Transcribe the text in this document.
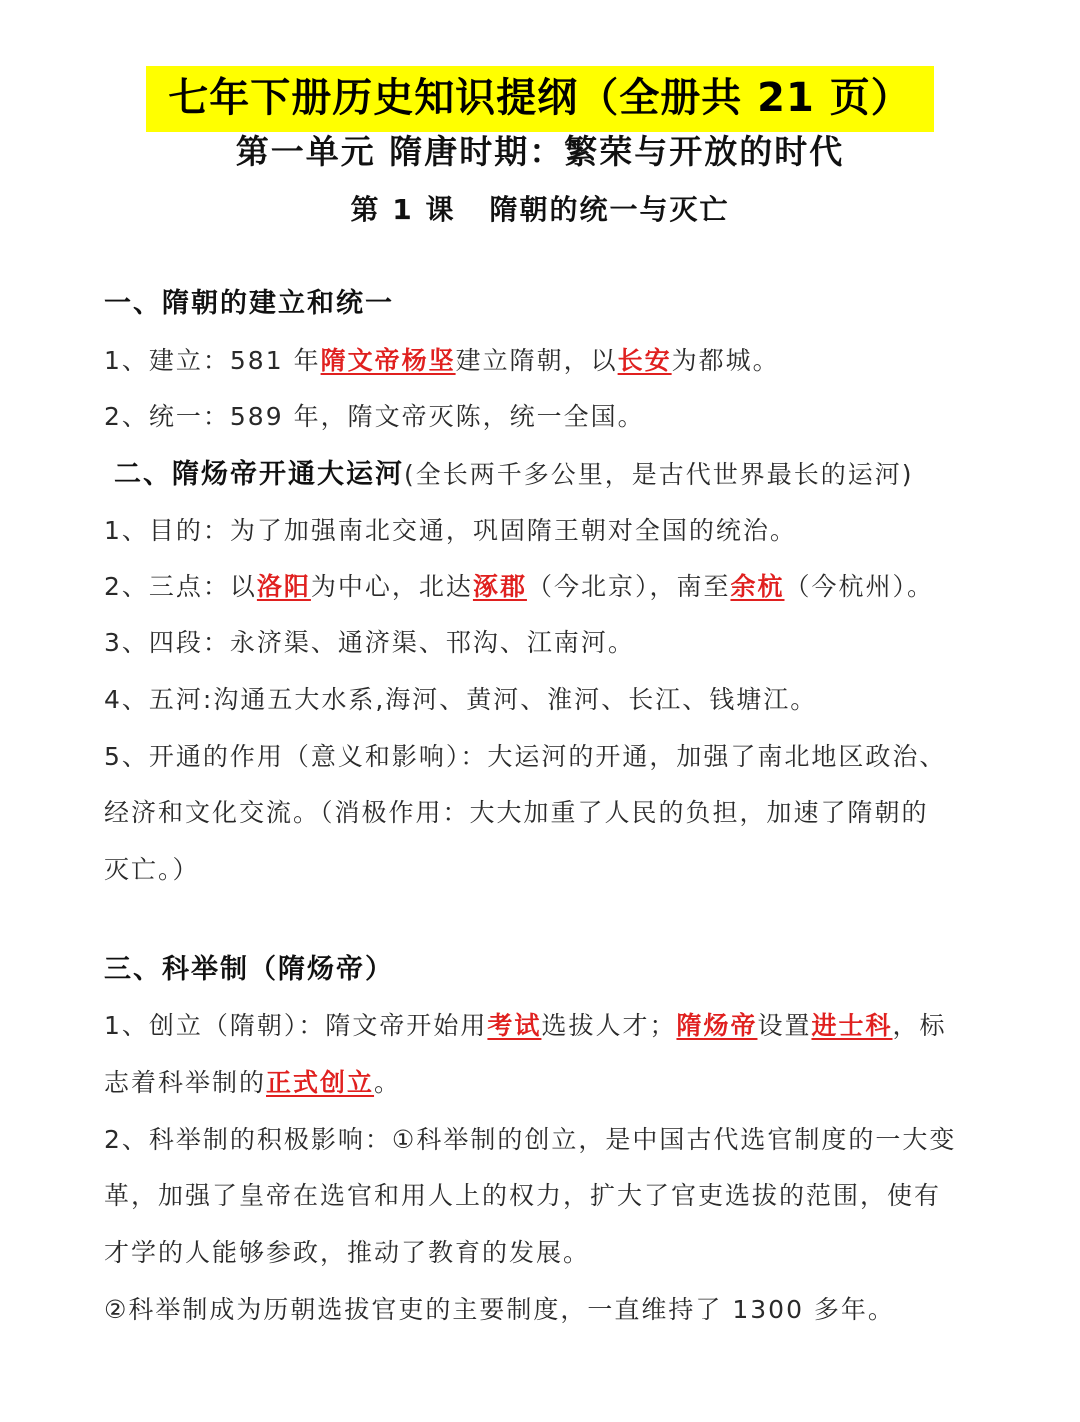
七年下册历史知识提纲（全册共 21 页）
第一单元 隋唐时期：繁荣与开放的时代
第 1 课 隋朝的统一与灭亡
一、隋朝的建立和统一
1、建立：581 年隋文帝杨坚建立隋朝，以长安为都城。
2、统一：589 年，隋文帝灭陈，统一全国。
二、隋炀帝开通大运河(全长两千多公里，是古代世界最长的运河)
1、目的：为了加强南北交通，巩固隋王朝对全国的统治。
2、三点：以洛阳为中心，北达涿郡（今北京），南至余杭（今杭州）。
3、四段：永济渠、通济渠、邗沟、江南河。
4、五河:沟通五大水系,海河、黄河、淮河、长江、钱塘江。
5、开通的作用（意义和影响）：大运河的开通，加强了南北地区政治、
经济和文化交流。（消极作用：大大加重了人民的负担，加速了隋朝的
灭亡。）
三、科举制（隋炀帝）
1、创立（隋朝）：隋文帝开始用考试选拔人才；隋炀帝设置进士科，标
志着科举制的正式创立。
2、科举制的积极影响：①科举制的创立，是中国古代选官制度的一大变
革，加强了皇帝在选官和用人上的权力，扩大了官吏选拔的范围，使有
才学的人能够参政，推动了教育的发展。
②科举制成为历朝选拔官吏的主要制度，一直维持了 1300 多年。
